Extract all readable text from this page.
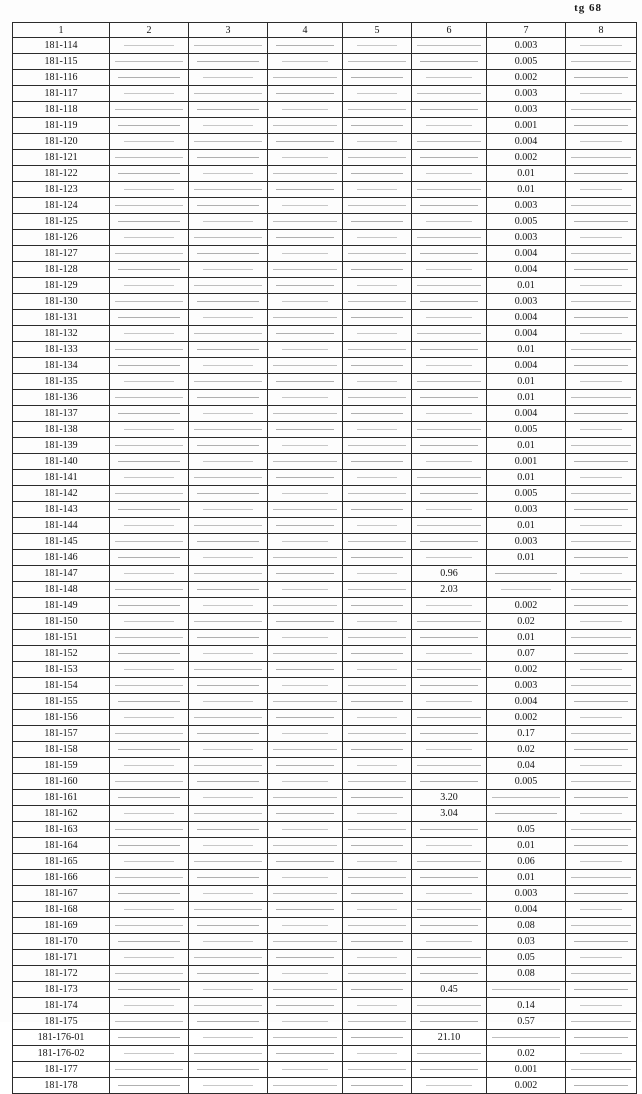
tg 68
1	2	3	4	5	6	7	8
181-114						0.003	

181-115						0.005	

181-116						0.002	

181-117						0.003	

181-118						0.003	

181-119						0.001	

181-120						0.004	

181-121						0.002	

181-122						0.01	

181-123						0.01	

181-124						0.003	

181-125						0.005	

181-126						0.003	

181-127						0.004	

181-128						0.004	

181-129						0.01	

181-130						0.003	

181-131						0.004	

181-132						0.004	

181-133						0.01	

181-134						0.004	

181-135						0.01	

181-136						0.01	

181-137						0.004	

181-138						0.005	

181-139						0.01	

181-140						0.001	

181-141						0.01	

181-142						0.005	

181-143						0.003	

181-144						0.01	

181-145						0.003	

181-146						0.01	

181-147					0.96	

181-148					2.03	

181-149						0.002	

181-150						0.02	

181-151						0.01	

181-152						0.07	

181-153						0.002	

181-154						0.003	

181-155						0.004	

181-156						0.002	

181-157						0.17	

181-158						0.02	

181-159						0.04	

181-160						0.005	

181-161					3.20	

181-162					3.04	

181-163						0.05	

181-164						0.01	

181-165						0.06	

181-166						0.01	

181-167						0.003	

181-168						0.004	

181-169						0.08	

181-170						0.03	

181-171						0.05	

181-172						0.08	

181-173					0.45	

181-174						0.14	

181-175						0.57	

181-176-01					21.10	

181-176-02						0.02	

181-177						0.001	

181-178						0.002	
